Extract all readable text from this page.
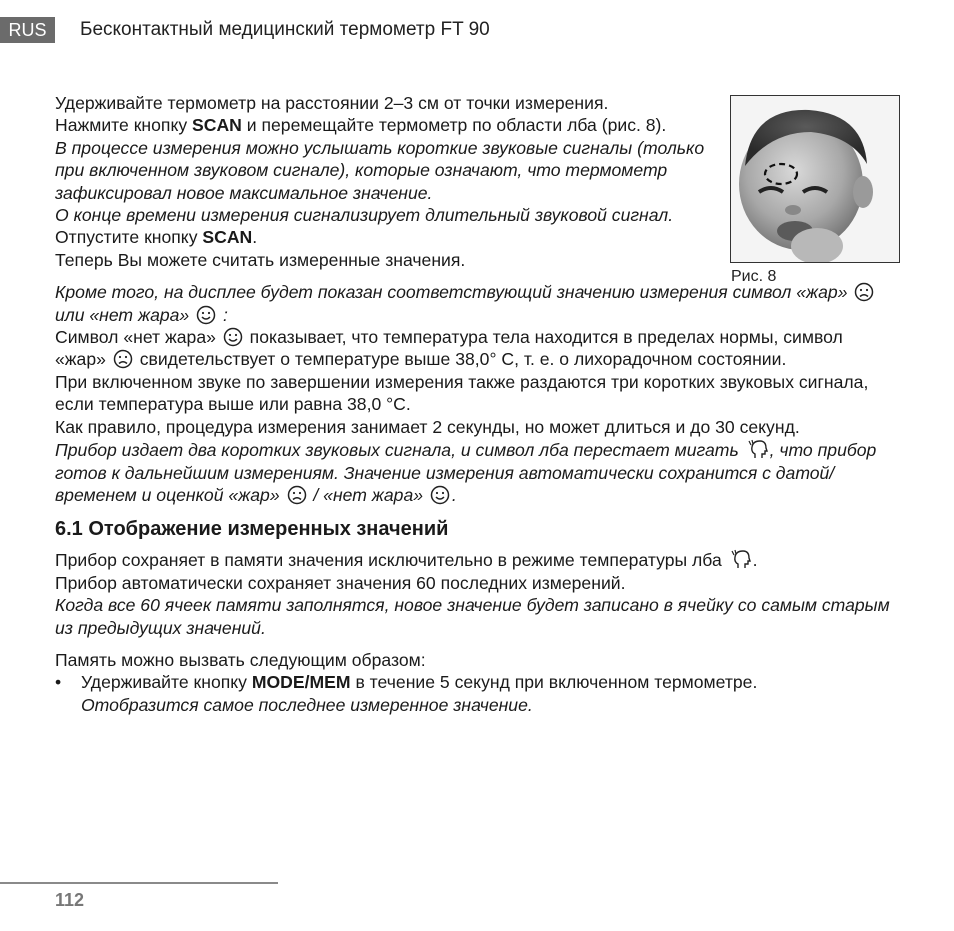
RUS	Бесконтактный медицинский термометр FT 90
Рис. 8

Удерживайте термометр на расстоянии 2–3 см от точки измерения.

Нажмите кнопку SCAN и перемещайте термометр по области лба (рис. 8).

В процессе измерения можно услышать короткие звуковые сигналы (только при включенном звуковом сигнале), которые означают, что термометр зафиксировал новое максимальное значение.

О конце времени измерения сигнализирует длительный звуковой сигнал.

Отпустите кнопку SCAN.

Теперь Вы можете считать измеренные значения.

Кроме того, на дисплее будет показан соответствующий значению измерения символ «жар»  или «нет жара» :

Символ «нет жара» показывает, что температура тела находится в пределах нормы, символ «жар» свидетельствует о температуре выше 38,0° С, т. е. о лихорадочном состоянии.

При включенном звуке по завершении измерения также раздаются три коротких звуковых сигнала, если температура выше или равна 38,0 °С.

Как правило, процедура измерения занимает 2 секунды, но может длиться и до 30 секунд.

Прибор издает два коротких звуковых сигнала, и символ лба перестает мигать , что прибор готов к дальнейшим измерениям. Значение измерения автоматически сохранится с датой/временем и оценкой «жар» / «нет жара» .

6.1 Отображение измеренных значений

Прибор сохраняет в памяти значения исключительно в режиме температуры лба .

Прибор автоматически сохраняет значения 60 последних измерений.

Когда все 60 ячеек памяти заполнятся, новое значение будет записано в ячейку со самым старым из предыдущих значений.

Память можно вызвать следующим образом:

•	Удерживайте кнопку MODE/MEM в течение 5 секунд при включенном термометре.

Отобразится самое последнее измеренное значение.

112
